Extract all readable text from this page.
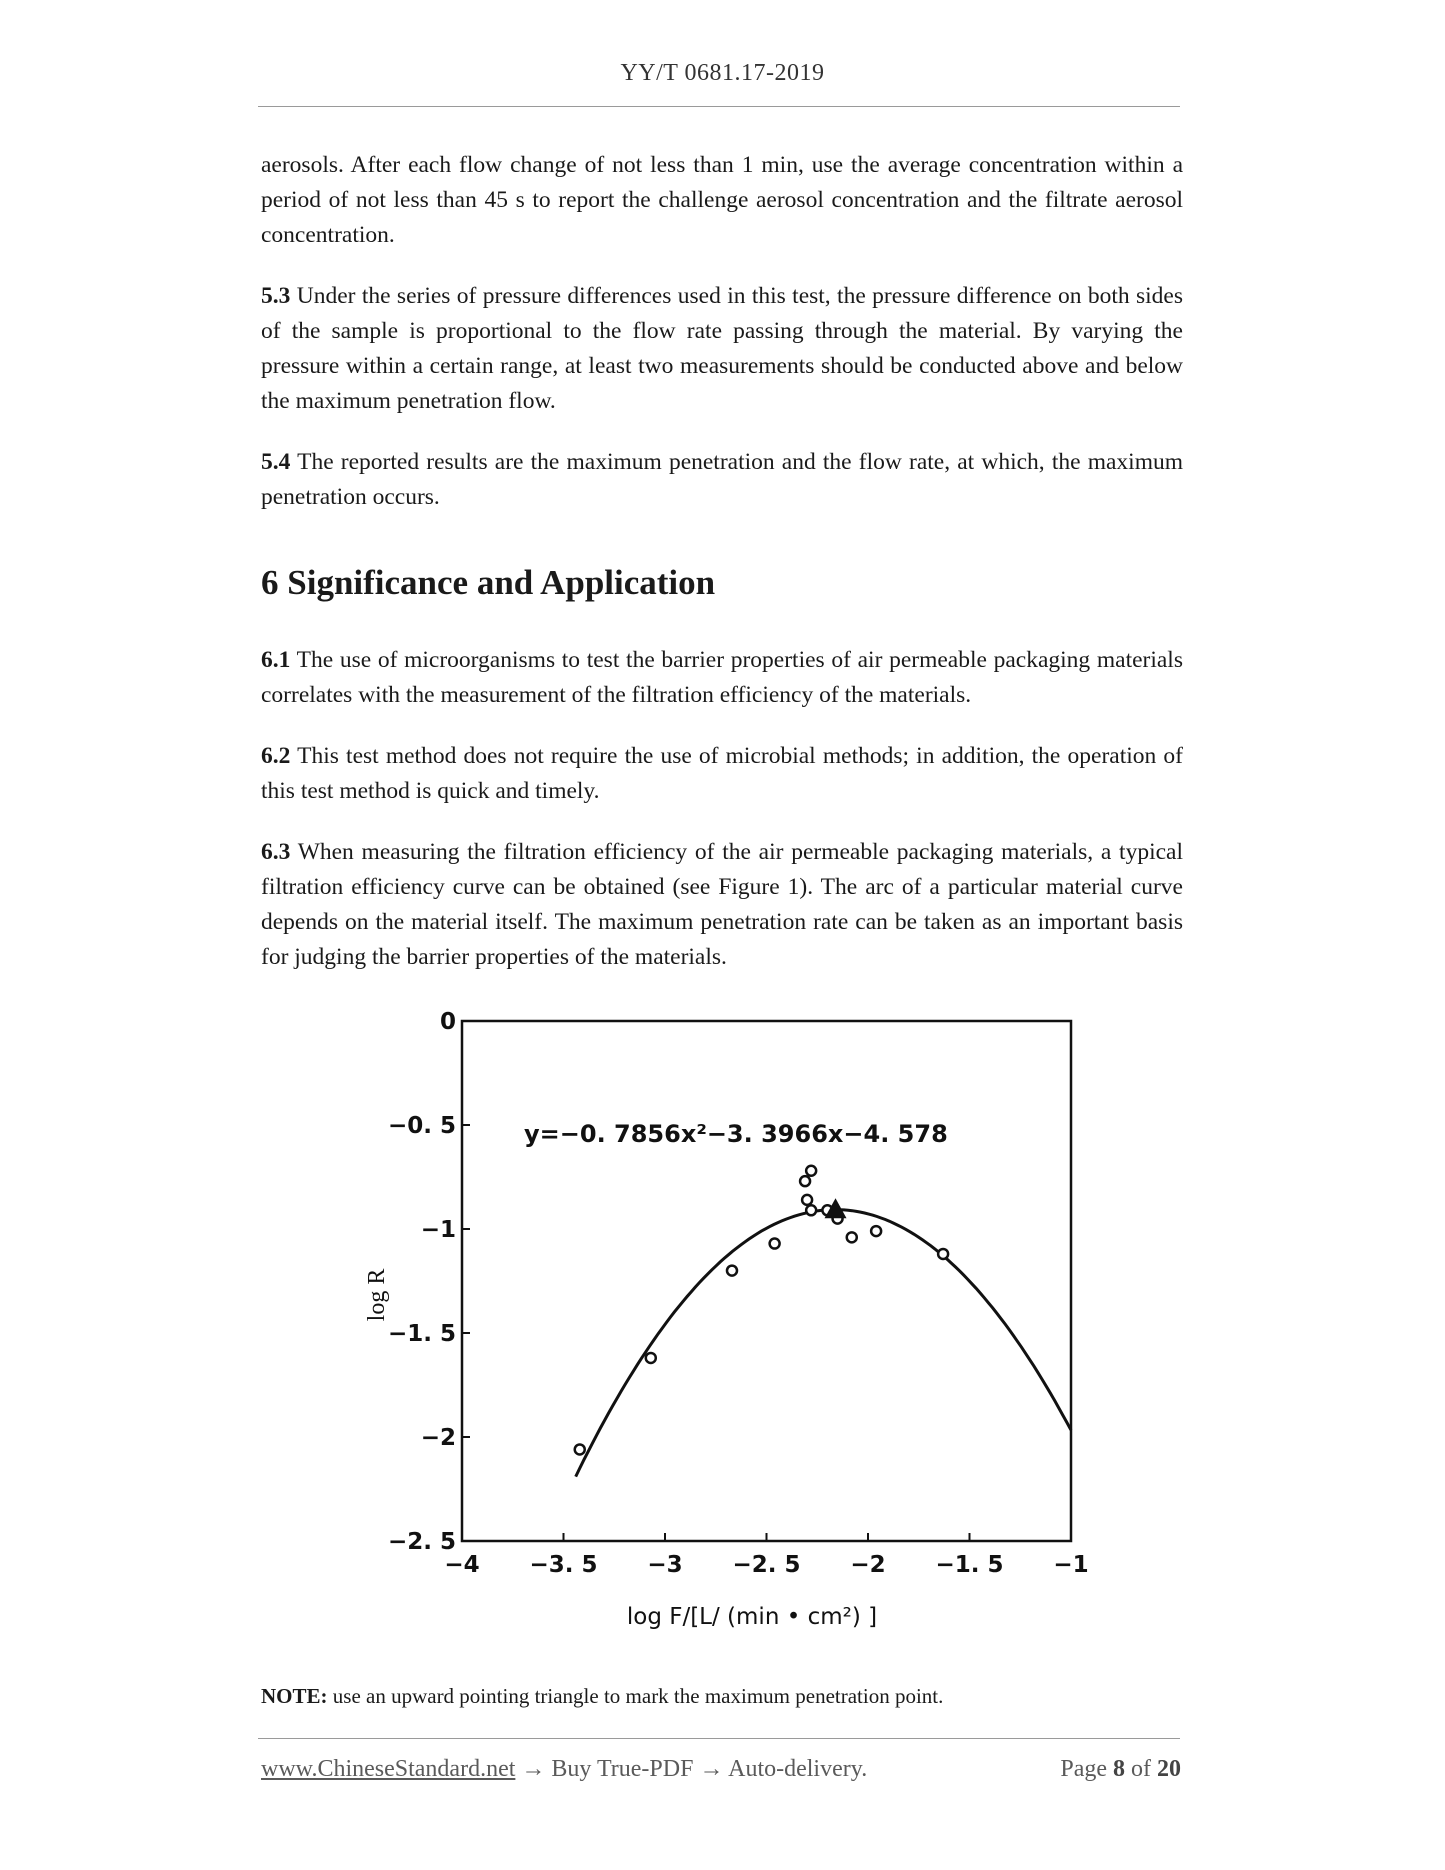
YY/T 0681.17-2019

aerosols. After each flow change of not less than 1 min, use the average concentration within a period of not less than 45 s to report the challenge aerosol concentration and the filtrate aerosol concentration.

5.3 Under the series of pressure differences used in this test, the pressure difference on both sides of the sample is proportional to the flow rate passing through the material. By varying the pressure within a certain range, at least two measurements should be conducted above and below the maximum penetration flow.

5.4 The reported results are the maximum penetration and the flow rate, at which, the maximum penetration occurs.

6 Significance and Application

6.1 The use of microorganisms to test the barrier properties of air permeable packaging materials correlates with the measurement of the filtration efficiency of the materials.

6.2 This test method does not require the use of microbial methods; in addition, the operation of this test method is quick and timely.

6.3 When measuring the filtration efficiency of the air permeable packaging materials, a typical filtration efficiency curve can be obtained (see Figure 1). The arc of a particular material curve depends on the material itself. The maximum penetration rate can be taken as an important basis for judging the barrier properties of the materials.

−4 −3. 5 −3 −2. 5 −2 −1. 5 −1
0
−0. 5
−1
−1. 5
−2
−2. 5
y=−0. 7856x²−3. 3966x−4. 578
log R
log F/[L/ (min • cm²) ]
NOTE: use an upward pointing triangle to mark the maximum penetration point.
www.ChineseStandard.net → Buy True-PDF → Auto-delivery.	Page 8 of 20
